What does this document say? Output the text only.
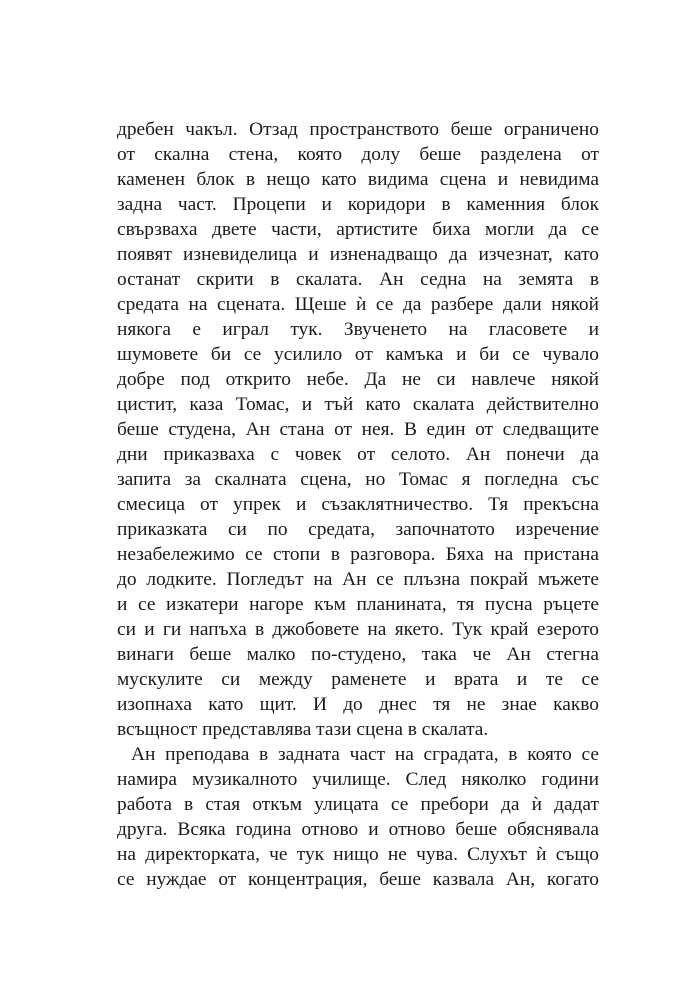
дребен чакъл. Отзад пространството беше ограничено
от скална стена, която долу беше разделена от
каменен блок в нещо като видима сцена и невидима
задна част. Процепи и коридори в каменния блок
свързваха двете части, артистите биха могли да се
появят изневиделица и изненадващо да изчезнат, като
останат скрити в скалата. Ан седна на земята в
средата на сцената. Щеше ѝ се да разбере дали някой
някога е играл тук. Звученето на гласовете и
шумовете би се усилило от камъка и би се чувало
добре под открито небе. Да не си навлече някой
цистит, каза Томас, и тъй като скалата действително
беше студена, Ан стана от нея. В един от следващите
дни приказваха с човек от селото. Ан понечи да
запита за скалната сцена, но Томас я погледна със
смесица от упрек и съзаклятничество. Тя прекъсна
приказката си по средата, започнатото изречение
незабележимо се стопи в разговора. Бяха на пристана
до лодките. Погледът на Ан се плъзна покрай мъжете
и се изкатери нагоре към планината, тя пусна ръцете
си и ги напъха в джобовете на якето. Тук край езерото
винаги беше малко по-студено, така че Ан стегна
мускулите си между раменете и врата и те се
изопнаха като щит. И до днес тя не знае какво
всъщност представлява тази сцена в скалата.
Ан преподава в задната част на сградата, в която се
намира музикалното училище. След няколко години
работа в стая откъм улицата се пребори да ѝ дадат
друга. Всяка година отново и отново беше обяснявала
на директорката, че тук нищо не чува. Слухът ѝ също
се нуждае от концентрация, беше казвала Ан, когато
